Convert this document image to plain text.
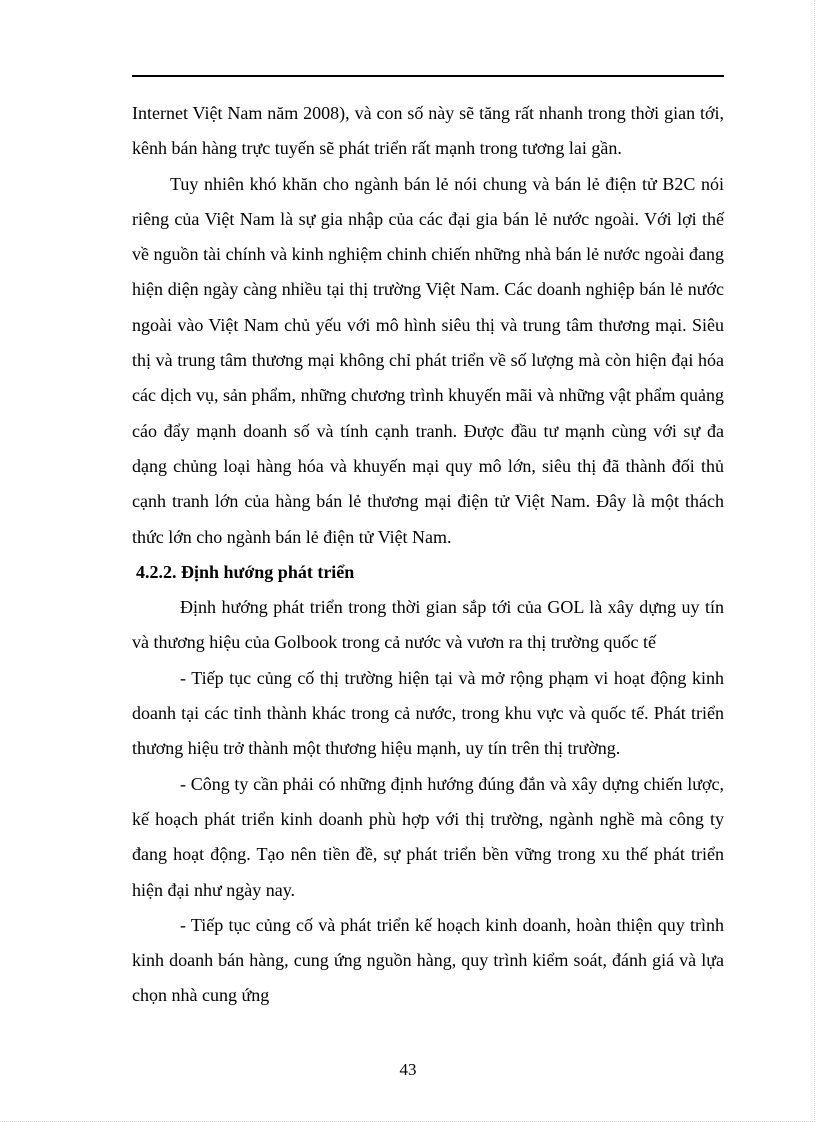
Internet Việt Nam năm 2008), và con số này sẽ tăng rất nhanh trong thời gian tới, kênh bán hàng trực tuyến sẽ phát triển rất mạnh trong tương lai gần.

Tuy nhiên khó khăn cho ngành bán lẻ nói chung và bán lẻ điện tử B2C nói riêng của Việt Nam là sự gia nhập của các đại gia bán lẻ nước ngoài. Với lợi thế về nguồn tài chính và kinh nghiệm chinh chiến những nhà bán lẻ nước ngoài đang hiện diện ngày càng nhiều tại thị trường Việt Nam. Các doanh nghiệp bán lẻ nước ngoài vào Việt Nam chủ yếu với mô hình siêu thị và trung tâm thương mại. Siêu thị và trung tâm thương mại không chỉ phát triển về số lượng mà còn hiện đại hóa các dịch vụ, sản phẩm, những chương trình khuyến mãi và những vật phẩm quảng cáo đẩy mạnh doanh số và tính cạnh tranh. Được đầu tư mạnh cùng với sự đa dạng chủng loại hàng hóa và khuyến mại quy mô lớn, siêu thị đã thành đối thủ cạnh tranh lớn của hàng bán lẻ thương mại điện tử Việt Nam. Đây là một thách thức lớn cho ngành bán lẻ điện tử Việt Nam.

4.2.2. Định hướng phát triển

Định hướng phát triển trong thời gian sắp tới của GOL là xây dựng uy tín và thương hiệu của Golbook trong cả nước và vươn ra thị trường quốc tế

- Tiếp tục củng cố thị trường hiện tại và mở rộng phạm vi hoạt động kinh doanh tại các tỉnh thành khác trong cả nước, trong khu vực và quốc tế. Phát triển thương hiệu trở thành một thương hiệu mạnh, uy tín trên thị trường.

- Công ty cần phải có những định hướng đúng đắn và xây dựng chiến lược, kế hoạch phát triển kinh doanh phù hợp với thị trường, ngành nghề mà công ty đang hoạt động. Tạo nên tiền đề, sự phát triển bền vững trong xu thế phát triển hiện đại như ngày nay.

- Tiếp tục củng cố và phát triển kế hoạch kinh doanh, hoàn thiện quy trình kinh doanh bán hàng, cung ứng nguồn hàng, quy trình kiểm soát, đánh giá và lựa chọn nhà cung ứng

43
